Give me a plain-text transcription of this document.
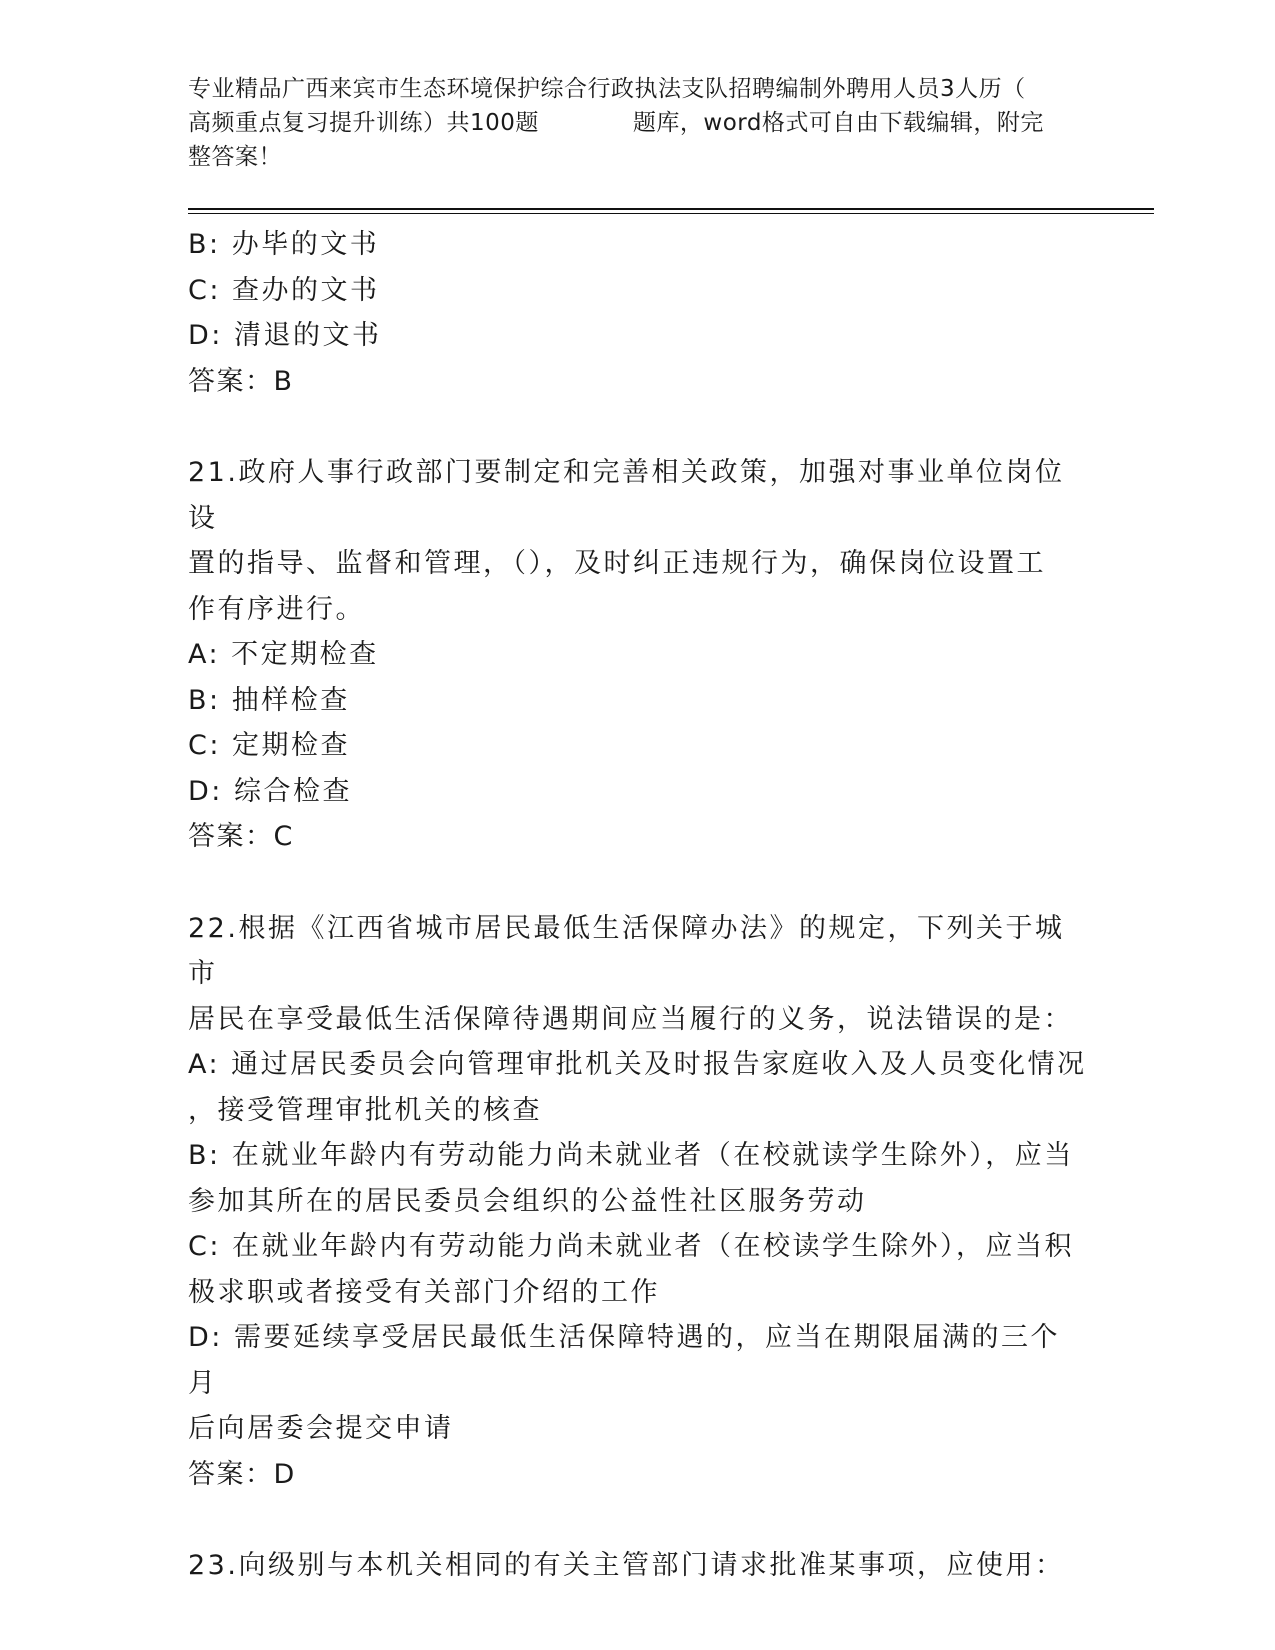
专业精品广西来宾市生态环境保护综合行政执法支队招聘编制外聘用人员3人历（
高频重点复习提升训练）共100题　　　　题库，word格式可自由下载编辑，附完
整答案！

B: 办毕的文书

C: 查办的文书

D: 清退的文书

答案：B

21.政府人事行政部门要制定和完善相关政策，加强对事业单位岗位设

置的指导、监督和管理，（），及时纠正违规行为，确保岗位设置工

作有序进行。

A: 不定期检查

B: 抽样检查

C: 定期检查

D: 综合检查

答案：C

22.根据《江西省城市居民最低生活保障办法》的规定，下列关于城市

居民在享受最低生活保障待遇期间应当履行的义务，说法错误的是：

A: 通过居民委员会向管理审批机关及时报告家庭收入及人员变化情况

，接受管理审批机关的核查

B: 在就业年龄内有劳动能力尚未就业者（在校就读学生除外），应当

参加其所在的居民委员会组织的公益性社区服务劳动

C: 在就业年龄内有劳动能力尚未就业者（在校读学生除外），应当积

极求职或者接受有关部门介绍的工作

D: 需要延续享受居民最低生活保障特遇的，应当在期限届满的三个月

后向居委会提交申请

答案：D

23.向级别与本机关相同的有关主管部门请求批准某事项，应使用：
